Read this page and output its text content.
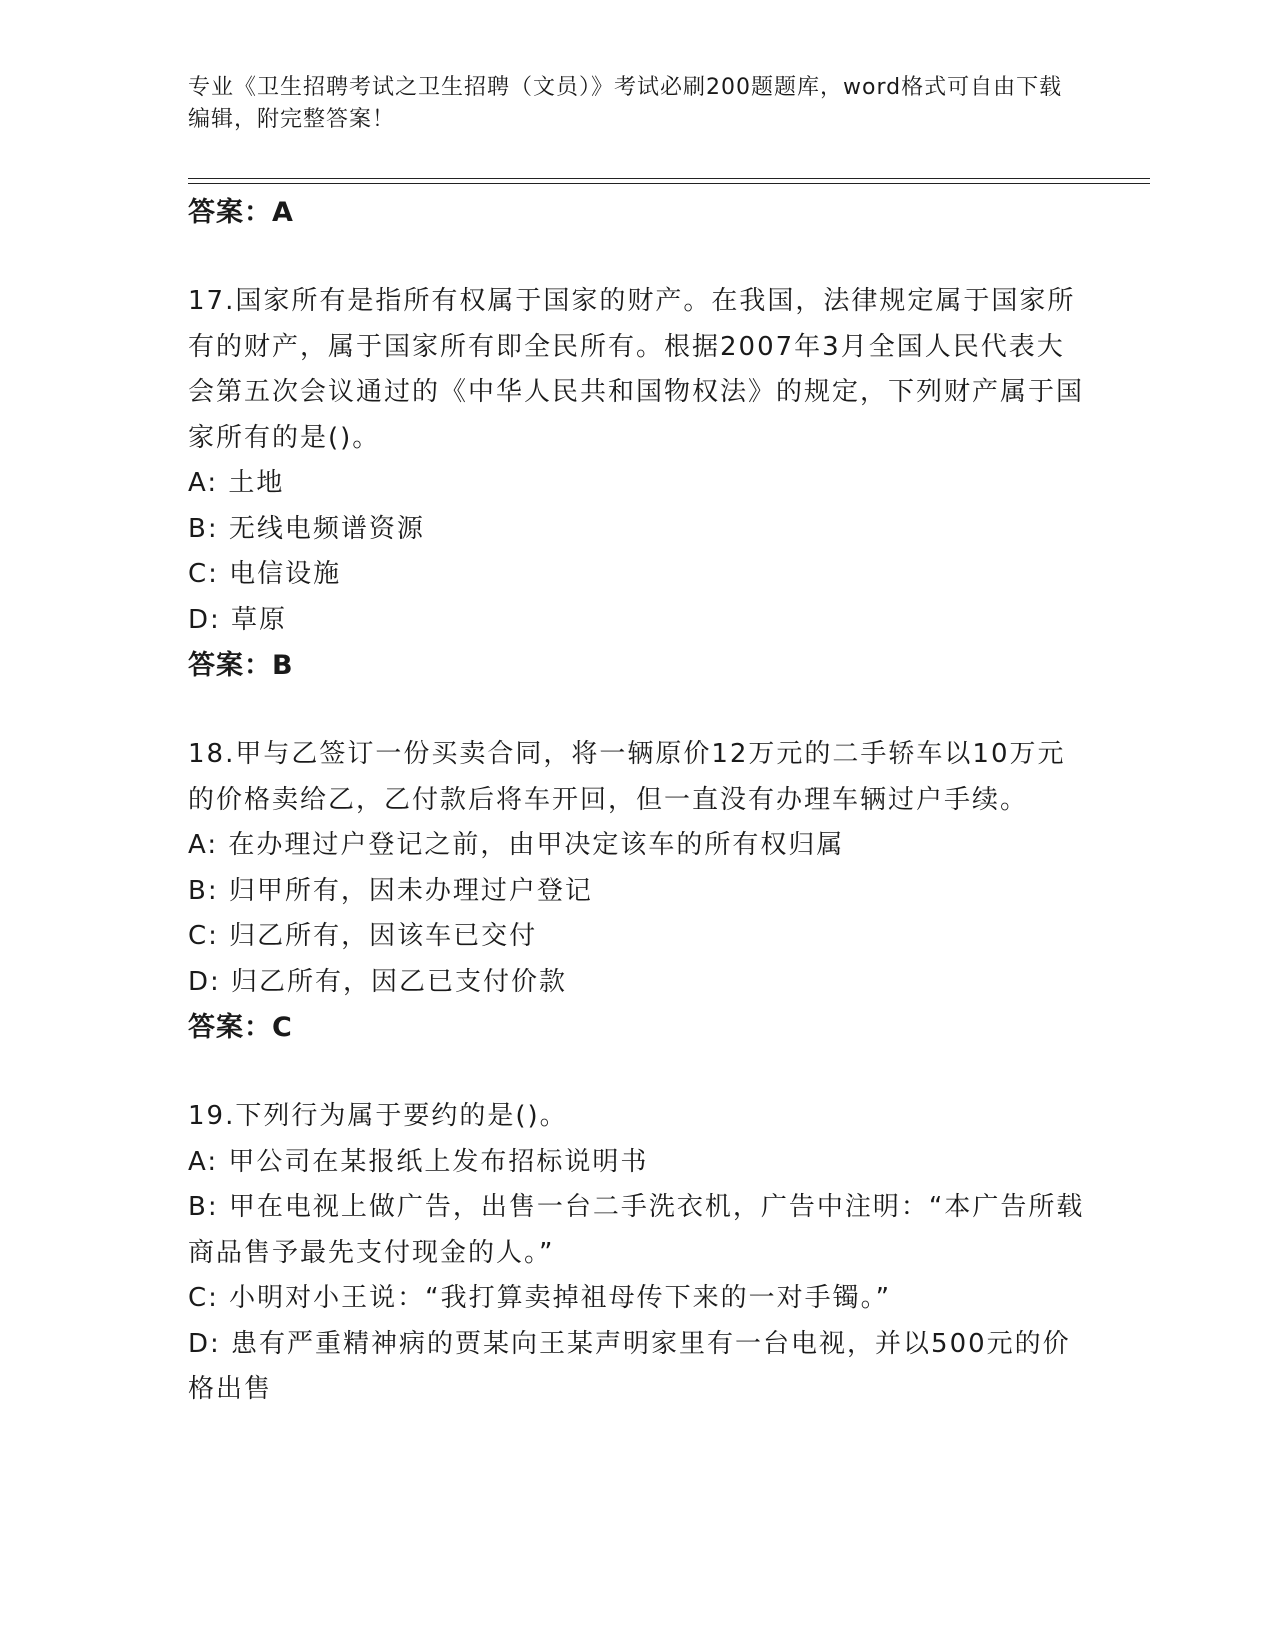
专业《卫生招聘考试之卫生招聘（文员）》考试必刷200题题库，word格式可自由下载编辑，附完整答案！

答案：A

17.国家所有是指所有权属于国家的财产。在我国，法律规定属于国家所有的财产，属于国家所有即全民所有。根据2007年3月全国人民代表大会第五次会议通过的《中华人民共和国物权法》的规定，下列财产属于国家所有的是()。

A: 土地

B: 无线电频谱资源

C: 电信设施

D: 草原

答案：B

18.甲与乙签订一份买卖合同，将一辆原价12万元的二手轿车以10万元的价格卖给乙，乙付款后将车开回，但一直没有办理车辆过户手续。

A: 在办理过户登记之前，由甲决定该车的所有权归属

B: 归甲所有，因未办理过户登记

C: 归乙所有，因该车已交付

D: 归乙所有，因乙已支付价款

答案：C

19.下列行为属于要约的是()。

A: 甲公司在某报纸上发布招标说明书

B: 甲在电视上做广告，出售一台二手洗衣机，广告中注明：“本广告所载商品售予最先支付现金的人。”

C: 小明对小王说：“我打算卖掉祖母传下来的一对手镯。”

D: 患有严重精神病的贾某向王某声明家里有一台电视，并以500元的价格出售
